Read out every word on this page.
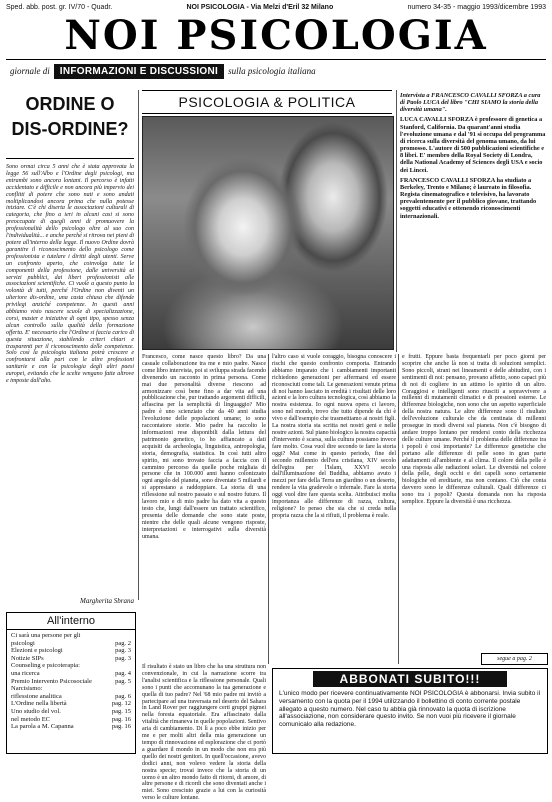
Sped. abb. post. gr. IV/70 - Quadr.	NOI PSICOLOGIA - Via Melzi d'Eril 32 Milano	numero 34-35 - maggio 1993/dicembre 1993
NOI PSICOLOGIA
giornale di	INFORMAZIONI E DISCUSSIONI	sulla psicologia italiana
ORDINE O DIS-ORDINE?
Sono ormai circa 5 anni che è stata approvata la legge 56 sull'Albo e l'Ordine degli psicologi, ma entrambi sono ancora lontani. Il percorso è infatti accidentato e difficile e non ancora più impervio dei conflitti di potere che sono nati e sono andati moltiplicandosi ancora prima che nulla potesse iniziare. C'è chi diserta le associazioni culturali di categoria, che fino a ieri in alcuni casi si sono preoccupate di quegli anni di promuovere la professionalità dello psicologo oltre al suo con l'individualità... e anche perché si ritrova nei pieni di potere all'interno della legge. Il nuovo Ordine dovrà garantire il riconoscimento dello psicologo come professionista e tutelare i diritti degli utenti. Serve un confronto aperto, che coinvolga tutte le componenti della professione, dalle università ai servizi pubblici, dai liberi professionisti alle associazioni scientifiche. Ci vuole a questo punto la volontà di tutti, perché l'Ordine non diventi un ulteriore dis-ordine, una casta chiusa che difende privilegi anziché competenze. In questi anni abbiamo visto nascere scuole di specializzazione, corsi, master e iniziative di ogni tipo, spesso senza alcun controllo sulla qualità della formazione offerta. E' necessario che l'Ordine si faccia carico di questa situazione, stabilendo criteri chiari e trasparenti per il riconoscimento delle competenze. Solo così la psicologia italiana potrà crescere e confrontarsi alla pari con le altre professioni sanitarie e con la psicologia degli altri paesi europei, evitando che le scelte vengano fatte altrove e imposte dall'alto.
Margherita Sbrana
PSICOLOGIA & POLITICA	Intervista a FRANCESCO CAVALLI SFORZA a cura di Paolo LUCA del libro "CHI SIAMO la storia della diversità umana".

LUCA CAVALLI SFORZA è professore di genetica a Stanford, California. Da quarant'anni studia l'evoluzione umana e dal '91 si occupa del programma di ricerca sulla diversità del genoma umano, da lui promosso. L'autore di 500 pubblicazioni scientifiche e 8 libri. E' membro della Royal Society di Londra, della National Academy of Sciences degli USA e socio dei Lincei.

FRANCESCO CAVALLI SFORZA ha studiato a Berkeley, Trento e Milano; è laureato in filosofia. Regista cinematografico e televisivo, ha lavorato prevalentemente per il pubblico giovane, trattando soggetti educativi e ottenendo riconoscimenti internazionali.

Francesco, come nasce questo libro? Da una casuale collaborazione tra me e mio padre. Nasce come libro intervista, poi si sviluppa strada facendo divenendo un racconto in prima persona. Come mai due personalità diverse riescono ad armonizzare così bene fino a dar vita ad una pubblicazione che, pur trattando argomenti difficili, affascina per la semplicità di linguaggio? Mio padre è uno scienziato che da 40 anni studia l'evoluzione delle popolazioni umane; io sono raccontatore storie. Mio padre ha raccolto le informazioni rese disponibili dalla lettura del patrimonio genetico, io ho affiancato a dati acquisiti da archeologia, linguistica, antropologia, storia, demografia, statistica. In così tutti altro spirito, mi sono trovato faccia a faccia con il cammino percorso da quelle poche migliaia di persone che in 100.000 anni hanno colonizzato ogni angolo del pianeta, sono diventate 5 miliardi e si apprestano a raddoppiare. La storia di una riflessione sul nostro passato e sul nostro futuro. Il lavoro mio e di mio padre ha dato vita a questo testo che, lungi dall'essere un trattato scientifico, presenta delle domande che sono state poste, nientre che delle quali alcune vengono risposte, interpretazioni e interrogativi sulla diversità umana.
l'altro caso si vuole coraggio, bisogna conoscere i rischi che questo confronto comporta. Entrando abbiamo imparato che i cambiamenti importanti richiedono generazioni per affermarsi ed essere riconosciuti come tali. Le generazioni venute prima di noi hanno lasciato in eredità i risultati delle loro azioni e la loro cultura tecnologica, così abbiamo la nostra esistenza. Io ogni nuova opera ci lavoro, sono nel mondo, trovo che tutto dipende da chi è vivo e dall'esempio che trasmettiamo ai nostri figli. La nostra storia sta scritta nei nostri geni e nelle nostre azioni. Sul piano biologico la nostra capacità d'intervento è scarsa, sulla cultura possiamo invece fare molto. Cosa vuol dire secondo te fare la storia oggi? Mai come in questo periodo, fine del secondo millennio dell'era cristiana, XIV secolo dell'egira per l'Islam, XXVI secolo dall'illuminazione del Buddha, abbiamo avuto i mezzi per fare della Terra un giardino o un deserto, rendere la vita gradevole o infernale. Fare la storia oggi vuol dire fare questa scelta. Attribuisci molta importanza alle differenze di razza, cultura, religione? Io penso che sia che si creda nella propria razza che la si rifiuti, il problema è reale.
e frutti. Eppure basta frequentarli per poco giorni per scoprire che anche là non si tratta di soluzioni semplici. Sono piccoli, strani nei lineamenti e delle abitudini, con i sentimenti di noi: pensano, provano affetto, sono capaci più di noi di cogliere in un attimo lo spirito di un altro. Coraggiosi e intelligenti sono riusciti a sopravvivere a millenni di mutamenti climatici e di pressioni esterne. Le differenze biologiche, non sono che un aspetto superficiale della nostra natura. Le altre differenze sono il risultato dell'evoluzione culturale che da centinaia di millenni prosegue in modi diversi sul pianeta. Non c'è bisogno di andare troppo lontano per rendersi conto della ricchezza delle culture umane. Perché il problema delle differenze tra i popoli è così importante? Le differenze genetiche che portano alle differenze di pelle sono in gran parte adattamenti all'ambiente e al clima. Il colore della pelle è una risposta alle radiazioni solari. Le diversità nel colore della pelle, degli occhi e dei capelli sono certamente biologiche ed ereditarie, ma non contano. Ciò che conta davvero sono le differenze culturali. Quali differenze ci sono tra i popoli? Questa domanda non ha risposta semplice. Eppure la diversità è una ricchezza.
segue a pag. 2
Il risultato è stato un libro che ha una struttura non convenzionale, in cui la narrazione scorre tra l'analisi scientifica e la riflessione personale. Quali sono i punti che accomunano la tua generazione e quella di tuo padre? Nel '68 mio padre mi invitò a partecipare ad una traversata nel deserto del Sahara in Land Rover per raggiungere certi gruppi pigmei nella foresta equatoriale. Era affascinato dalla vitalità che rimaneva in quelle popolazioni. Sentivo aria di cambiamento. Di lì a poco ebbe inizio per me e per molti altri della mia generazione un tempo di rinnovazione ed esplorazione che ci portò a guardare il mondo in un modo che non era più quello dei nostri genitori. In quell'occasione, avevo dodici anni, non volevo vedere la storia della nostra specie; trovai invece che la storia di un uomo è un altro mondo fatto di ritorni, di amore, di altre persone e di ricordi che sono diventati anche i miei. Sono cresciuto grazie a lui con la curiosità verso le culture lontane.
All'interno
Ci sarà una persone per gli
psicologi	pag. 2
Elezioni e psicologi	pag. 3
Notizie SIPs	pag. 3
Counseling e psicoterapia:
una ricerca	pag. 4
Premio Intervento Psicosociale	pag. 5
Narcisismo:
riflessione analitica	pag. 6
L'Ordine nella libertà	pag. 12
Uno studio del vol.	pag. 15
nel metodo EC	pag. 16
La parola a M. Capanna	pag. 16
ABBONATI SUBITO!!!
L'unico modo per ricevere continuativamente NOI PSICOLOGIA è abbonarsi. Invia subito il versamento con la quota per il 1994 utilizzando il bollettino di conto corrente postale allegato a questo numero. Nel caso tu abbia già rinnovato la quota di iscrizione all'associazione, non considerare questo invito. Se non vuoi più ricevere il giornale comunicalo alla redazione.
